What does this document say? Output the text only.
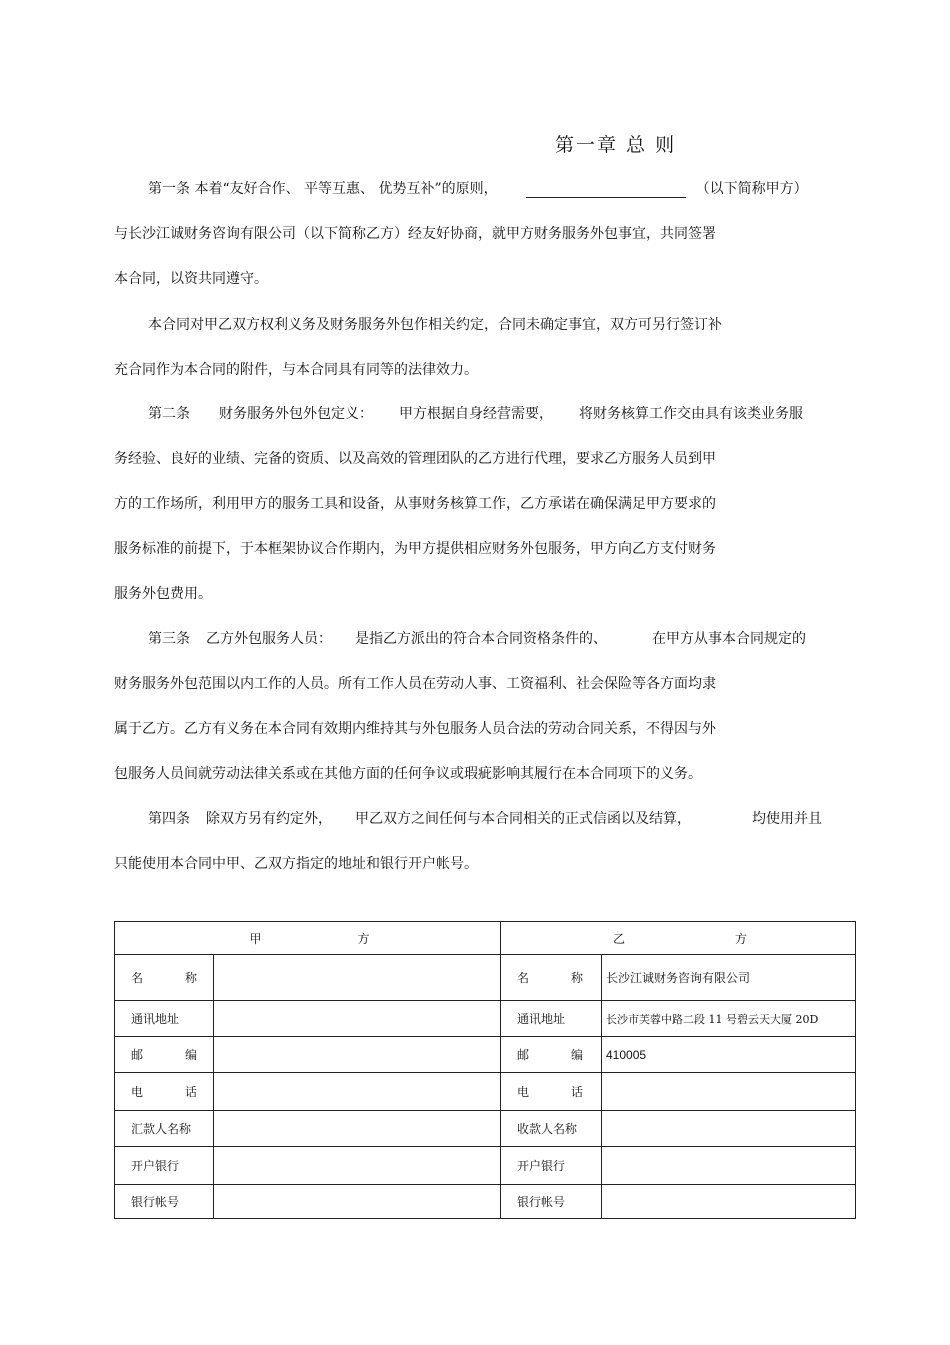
第一章 总 则
第一条 本着“友好合作、 平等互惠、 优势互补”的原则，	（以下简称甲方）
与长沙江诚财务咨询有限公司（以下简称乙方）经友好协商，就甲方财务服务外包事宜，共同签署
本合同，以资共同遵守。
本合同对甲乙双方权利义务及财务服务外包作相关约定，合同未确定事宜，双方可另行签订补
充合同作为本合同的附件，与本合同具有同等的法律效力。
第二条 财务服务外包外包定义： 甲方根据自身经营需要， 将财务核算工作交由具有该类业务服
务经验、良好的业绩、完备的资质、以及高效的管理团队的乙方进行代理，要求乙方服务人员到甲
方的工作场所，利用甲方的服务工具和设备，从事财务核算工作，乙方承诺在确保满足甲方要求的
服务标准的前提下，于本框架协议合作期内，为甲方提供相应财务外包服务，甲方向乙方支付财务
服务外包费用。
第三条 乙方外包服务人员： 是指乙方派出的符合本合同资格条件的、	在甲方从事本合同规定的
财务服务外包范围以内工作的人员。所有工作人员在劳动人事、工资福利、社会保险等各方面均隶
属于乙方。乙方有义务在本合同有效期内维持其与外包服务人员合法的劳动合同关系，不得因与外
包服务人员间就劳动法律关系或在其他方面的任何争议或瑕疵影响其履行在本合同项下的义务。
第四条 除双方另有约定外， 甲乙双方之间任何与本合同相关的正式信函以及结算，	均使用并且
只能使用本合同中甲、乙双方指定的地址和银行开户帐号。
甲 方		乙 方	
名 称		名 称	长沙江诚财务咨询有限公司
通讯地址		通讯地址	长沙市芙蓉中路二段 11 号碧云天大厦 20D
邮 编		邮 编	410005
电 话		电 话	
汇款人名称		收款人名称	
开户银行		开户银行	
银行帐号		银行帐号	
